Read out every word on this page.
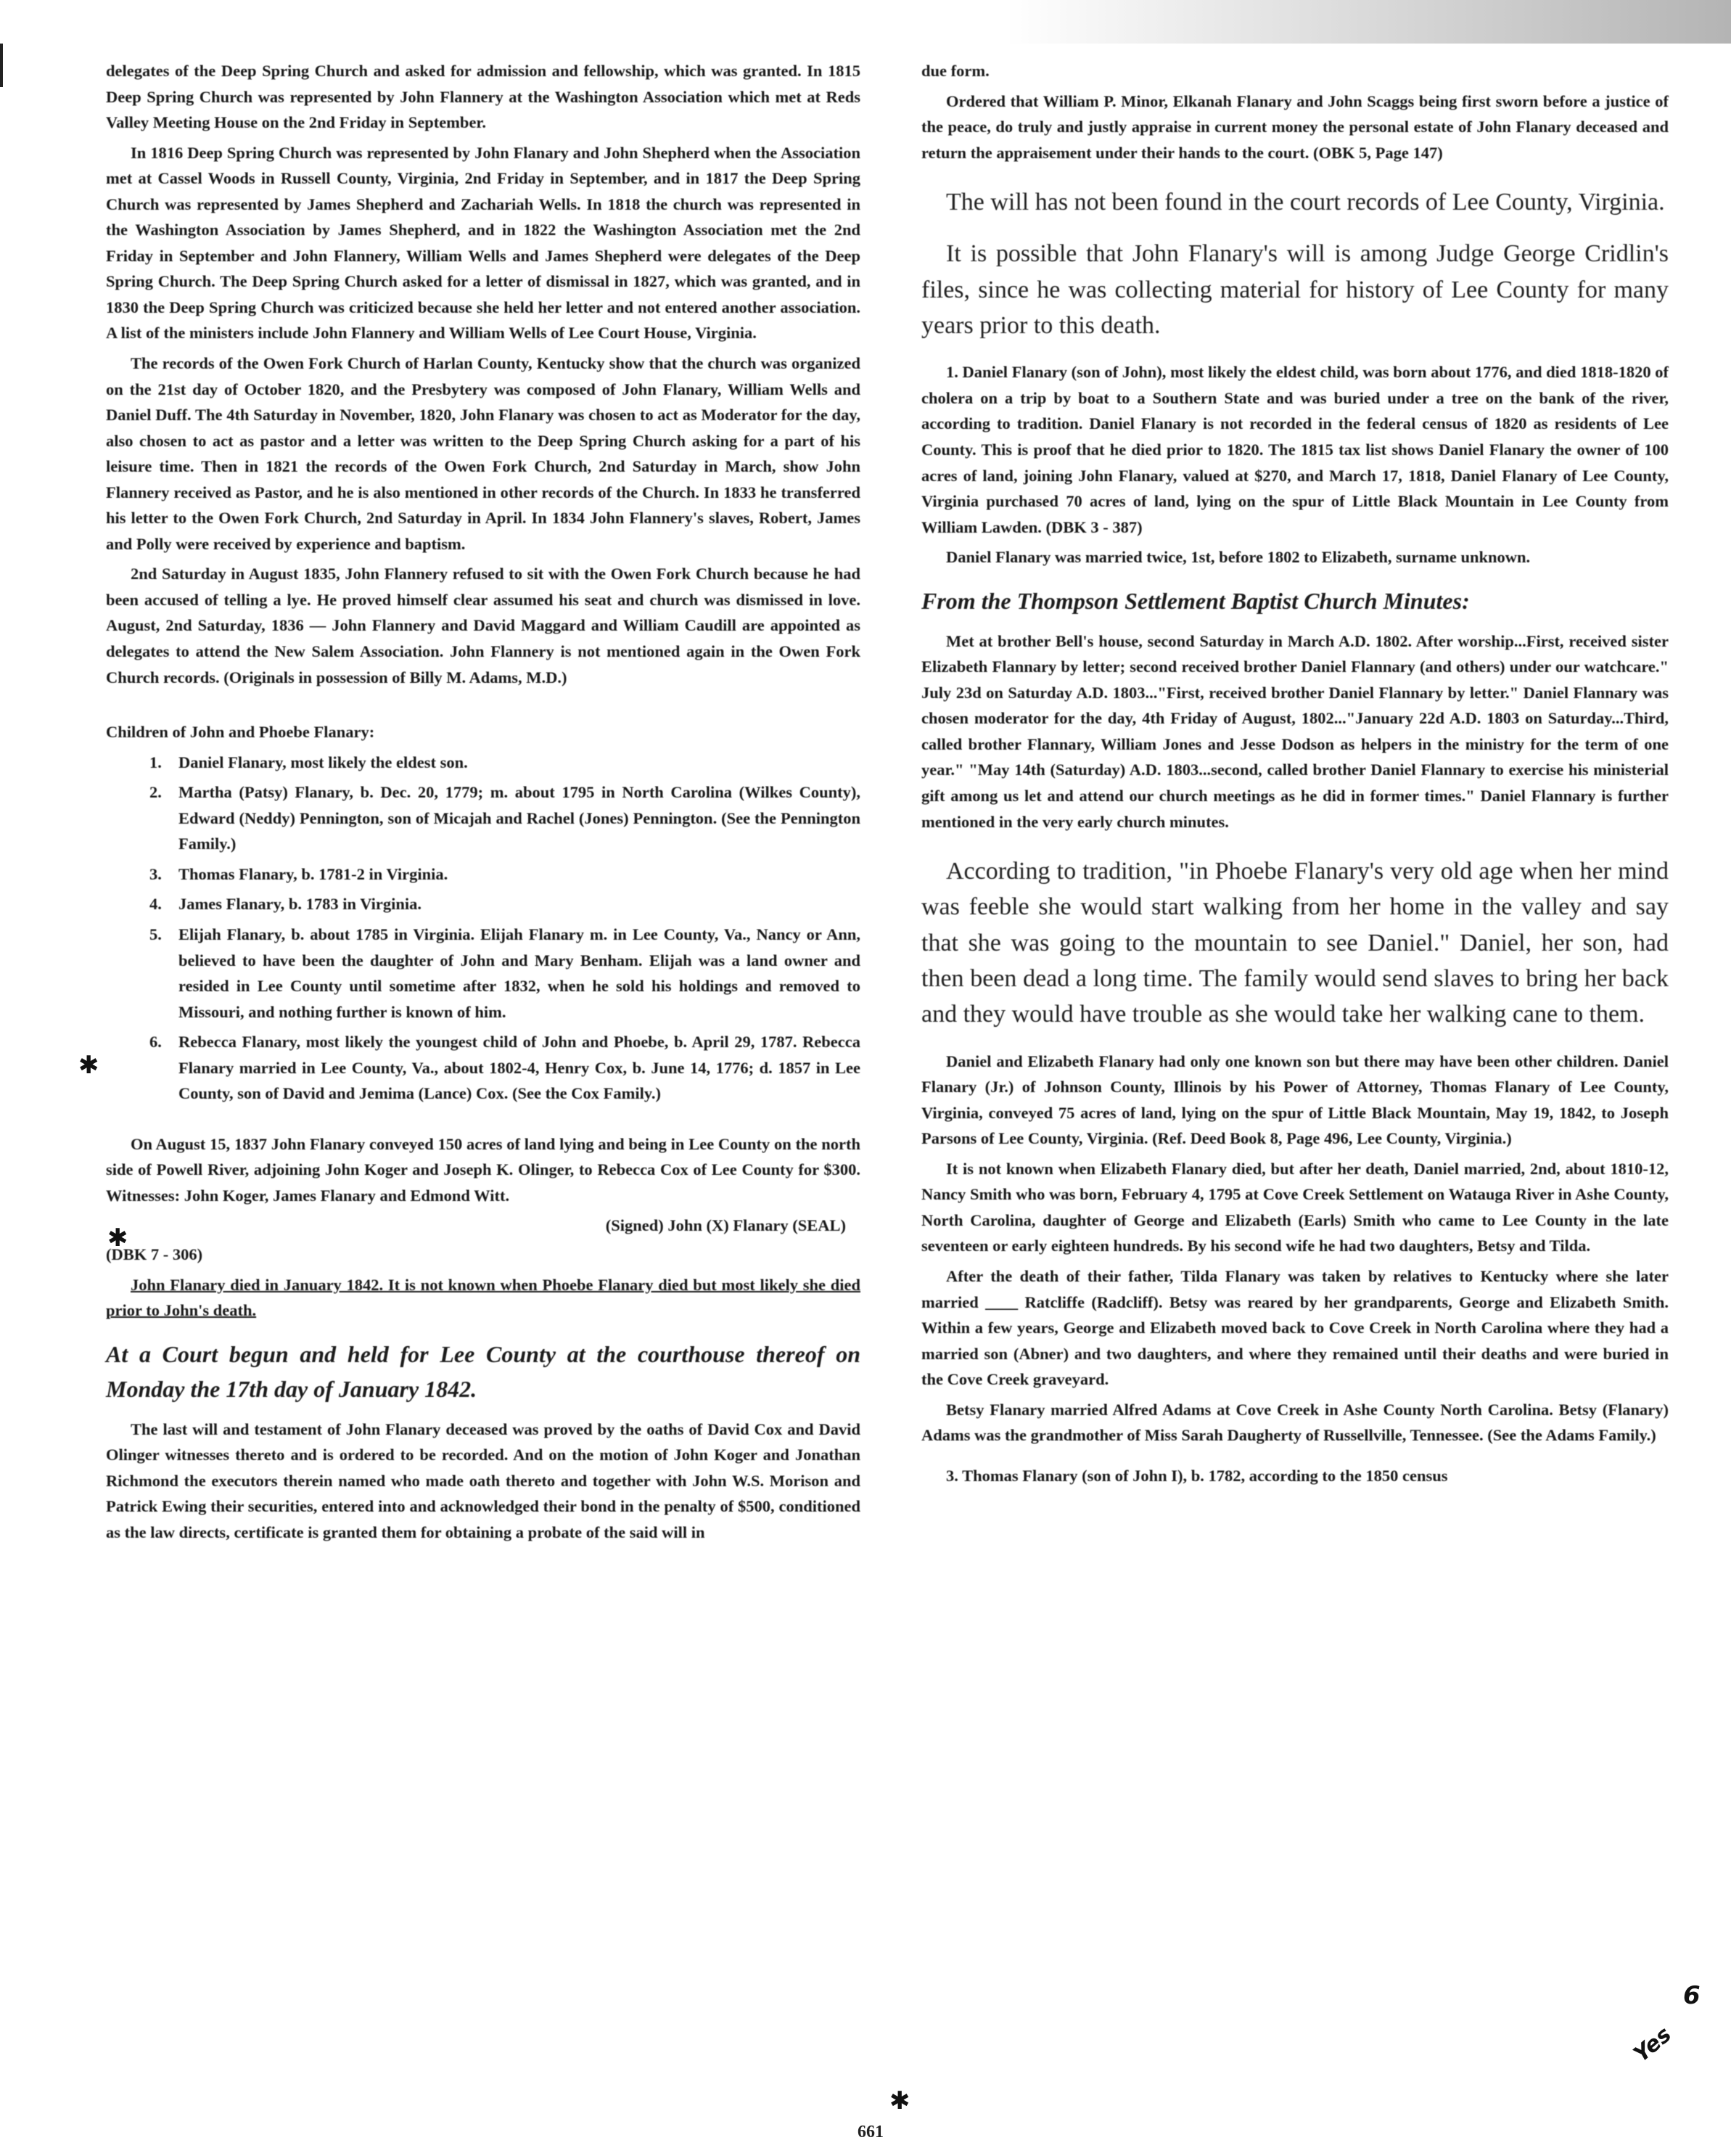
delegates of the Deep Spring Church and asked for admission and fellowship, which was granted. In 1815 Deep Spring Church was represented by John Flannery at the Washington Association which met at Reds Valley Meeting House on the 2nd Friday in September.

In 1816 Deep Spring Church was represented by John Flanary and John Shepherd when the Association met at Cassel Woods in Russell County, Virginia, 2nd Friday in September, and in 1817 the Deep Spring Church was represented by James Shepherd and Zachariah Wells. In 1818 the church was represented in the Washington Association by James Shepherd, and in 1822 the Washington Association met the 2nd Friday in September and John Flannery, William Wells and James Shepherd were delegates of the Deep Spring Church. The Deep Spring Church asked for a letter of dismissal in 1827, which was granted, and in 1830 the Deep Spring Church was criticized because she held her letter and not entered another association. A list of the ministers include John Flannery and William Wells of Lee Court House, Virginia.

The records of the Owen Fork Church of Harlan County, Kentucky show that the church was organized on the 21st day of October 1820, and the Presbytery was composed of John Flanary, William Wells and Daniel Duff. The 4th Saturday in November, 1820, John Flanary was chosen to act as Moderator for the day, also chosen to act as pastor and a letter was written to the Deep Spring Church asking for a part of his leisure time. Then in 1821 the records of the Owen Fork Church, 2nd Saturday in March, show John Flannery received as Pastor, and he is also mentioned in other records of the Church. In 1833 he transferred his letter to the Owen Fork Church, 2nd Saturday in April. In 1834 John Flannery's slaves, Robert, James and Polly were received by experience and baptism.

2nd Saturday in August 1835, John Flannery refused to sit with the Owen Fork Church because he had been accused of telling a lye. He proved himself clear assumed his seat and church was dismissed in love. August, 2nd Saturday, 1836 — John Flannery and David Maggard and William Caudill are appointed as delegates to attend the New Salem Association. John Flannery is not mentioned again in the Owen Fork Church records. (Originals in possession of Billy M. Adams, M.D.)

Children of John and Phoebe Flanary:

1. Daniel Flanary, most likely the eldest son.
2. Martha (Patsy) Flanary, b. Dec. 20, 1779; m. about 1795 in North Carolina (Wilkes County), Edward (Neddy) Pennington, son of Micajah and Rachel (Jones) Pennington. (See the Pennington Family.)
3. Thomas Flanary, b. 1781-2 in Virginia.
4. James Flanary, b. 1783 in Virginia.
5. Elijah Flanary, b. about 1785 in Virginia. Elijah Flanary m. in Lee County, Va., Nancy or Ann, believed to have been the daughter of John and Mary Benham. Elijah was a land owner and resided in Lee County until sometime after 1832, when he sold his holdings and removed to Missouri, and nothing further is known of him.
6. Rebecca Flanary, most likely the youngest child of John and Phoebe, b. April 29, 1787. Rebecca Flanary married in Lee County, Va., about 1802-4, Henry Cox, b. June 14, 1776; d. 1857 in Lee County, son of David and Jemima (Lance) Cox. (See the Cox Family.)

On August 15, 1837 John Flanary conveyed 150 acres of land lying and being in Lee County on the north side of Powell River, adjoining John Koger and Joseph K. Olinger, to Rebecca Cox of Lee County for $300. Witnesses: John Koger, James Flanary and Edmond Witt.

(Signed) John (X) Flanary (SEAL)

(DBK 7 - 306)

John Flanary died in January 1842. It is not known when Phoebe Flanary died but most likely she died prior to John's death.

At a Court begun and held for Lee County at the courthouse thereof on Monday the 17th day of January 1842.

The last will and testament of John Flanary deceased was proved by the oaths of David Cox and David Olinger witnesses thereto and is ordered to be recorded. And on the motion of John Koger and Jonathan Richmond the executors therein named who made oath thereto and together with John W.S. Morison and Patrick Ewing their securities, entered into and acknowledged their bond in the penalty of $500, conditioned as the law directs, certificate is granted them for obtaining a probate of the said will in

due form.

Ordered that William P. Minor, Elkanah Flanary and John Scaggs being first sworn before a justice of the peace, do truly and justly appraise in current money the personal estate of John Flanary deceased and return the appraisement under their hands to the court. (OBK 5, Page 147)

The will has not been found in the court records of Lee County, Virginia.

It is possible that John Flanary's will is among Judge George Cridlin's files, since he was collecting material for history of Lee County for many years prior to this death.

1. Daniel Flanary (son of John), most likely the eldest child, was born about 1776, and died 1818-1820 of cholera on a trip by boat to a Southern State and was buried under a tree on the bank of the river, according to tradition. Daniel Flanary is not recorded in the federal census of 1820 as residents of Lee County. This is proof that he died prior to 1820. The 1815 tax list shows Daniel Flanary the owner of 100 acres of land, joining John Flanary, valued at $270, and March 17, 1818, Daniel Flanary of Lee County, Virginia purchased 70 acres of land, lying on the spur of Little Black Mountain in Lee County from William Lawden. (DBK 3 - 387)

Daniel Flanary was married twice, 1st, before 1802 to Elizabeth, surname unknown.

From the Thompson Settlement Baptist Church Minutes:

Met at brother Bell's house, second Saturday in March A.D. 1802. After worship...First, received sister Elizabeth Flannary by letter; second received brother Daniel Flannary (and others) under our watchcare." July 23d on Saturday A.D. 1803..."First, received brother Daniel Flannary by letter." Daniel Flannary was chosen moderator for the day, 4th Friday of August, 1802..."January 22d A.D. 1803 on Saturday...Third, called brother Flannary, William Jones and Jesse Dodson as helpers in the ministry for the term of one year." "May 14th (Saturday) A.D. 1803...second, called brother Daniel Flannary to exercise his ministerial gift among us let and attend our church meetings as he did in former times." Daniel Flannary is further mentioned in the very early church minutes.

According to tradition, "in Phoebe Flanary's very old age when her mind was feeble she would start walking from her home in the valley and say that she was going to the mountain to see Daniel." Daniel, her son, had then been dead a long time. The family would send slaves to bring her back and they would have trouble as she would take her walking cane to them.

Daniel and Elizabeth Flanary had only one known son but there may have been other children. Daniel Flanary (Jr.) of Johnson County, Illinois by his Power of Attorney, Thomas Flanary of Lee County, Virginia, conveyed 75 acres of land, lying on the spur of Little Black Mountain, May 19, 1842, to Joseph Parsons of Lee County, Virginia. (Ref. Deed Book 8, Page 496, Lee County, Virginia.)

It is not known when Elizabeth Flanary died, but after her death, Daniel married, 2nd, about 1810-12, Nancy Smith who was born, February 4, 1795 at Cove Creek Settlement on Watauga River in Ashe County, North Carolina, daughter of George and Elizabeth (Earls) Smith who came to Lee County in the late seventeen or early eighteen hundreds. By his second wife he had two daughters, Betsy and Tilda.

After the death of their father, Tilda Flanary was taken by relatives to Kentucky where she later married ____ Ratcliffe (Radcliff). Betsy was reared by her grandparents, George and Elizabeth Smith. Within a few years, George and Elizabeth moved back to Cove Creek in North Carolina where they had a married son (Abner) and two daughters, and where they remained until their deaths and were buried in the Cove Creek graveyard.

Betsy Flanary married Alfred Adams at Cove Creek in Ashe County North Carolina. Betsy (Flanary) Adams was the grandmother of Miss Sarah Daugherty of Russellville, Tennessee. (See the Adams Family.)

3. Thomas Flanary (son of John I), b. 1782, according to the 1850 census

✱
✱
✱
6
Yes
661
